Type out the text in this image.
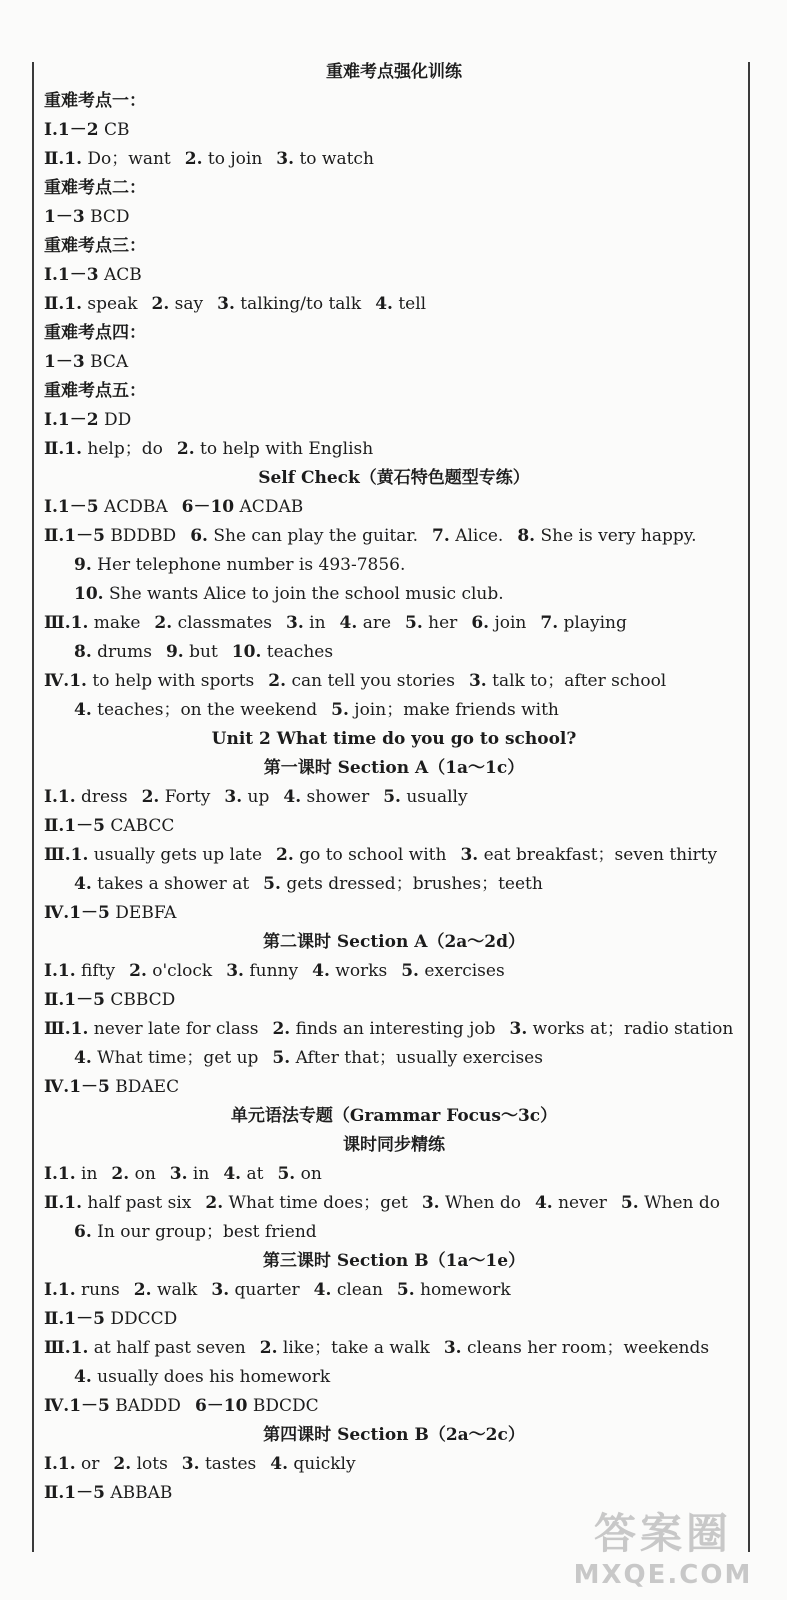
重难考点强化训练
重难考点一：
Ⅰ.1－2 CB
Ⅱ.1. Do；want 2. to join 3. to watch
重难考点二：
1－3 BCD
重难考点三：
Ⅰ.1－3 ACB
Ⅱ.1. speak 2. say 3. talking/to talk 4. tell
重难考点四：
1－3 BCA
重难考点五：
Ⅰ.1－2 DD
Ⅱ.1. help；do 2. to help with English
Self Check（黄石特色题型专练）
Ⅰ.1－5 ACDBA 6－10 ACDAB
Ⅱ.1－5 BDDBD 6. She can play the guitar. 7. Alice. 8. She is very happy.
9. Her telephone number is 493-7856.
10. She wants Alice to join the school music club.
Ⅲ.1. make 2. classmates 3. in 4. are 5. her 6. join 7. playing
8. drums 9. but 10. teaches
Ⅳ.1. to help with sports 2. can tell you stories 3. talk to；after school
4. teaches；on the weekend 5. join；make friends with
Unit 2 What time do you go to school?
第一课时 Section A（1a～1c）
Ⅰ.1. dress 2. Forty 3. up 4. shower 5. usually
Ⅱ.1－5 CABCC
Ⅲ.1. usually gets up late 2. go to school with 3. eat breakfast；seven thirty
4. takes a shower at 5. gets dressed；brushes；teeth
Ⅳ.1－5 DEBFA
第二课时 Section A（2a～2d）
Ⅰ.1. fifty 2. o'clock 3. funny 4. works 5. exercises
Ⅱ.1－5 CBBCD
Ⅲ.1. never late for class 2. finds an interesting job 3. works at；radio station
4. What time；get up 5. After that；usually exercises
Ⅳ.1－5 BDAEC
单元语法专题（Grammar Focus～3c）
课时同步精练
Ⅰ.1. in 2. on 3. in 4. at 5. on
Ⅱ.1. half past six 2. What time does；get 3. When do 4. never 5. When do
6. In our group；best friend
第三课时 Section B（1a～1e）
Ⅰ.1. runs 2. walk 3. quarter 4. clean 5. homework
Ⅱ.1－5 DDCCD
Ⅲ.1. at half past seven 2. like；take a walk 3. cleans her room；weekends
4. usually does his homework
Ⅳ.1－5 BADDD 6－10 BDCDC
第四课时 Section B（2a～2c）
Ⅰ.1. or 2. lots 3. tastes 4. quickly
Ⅱ.1－5 ABBAB
答案圈
MXQE.COM
